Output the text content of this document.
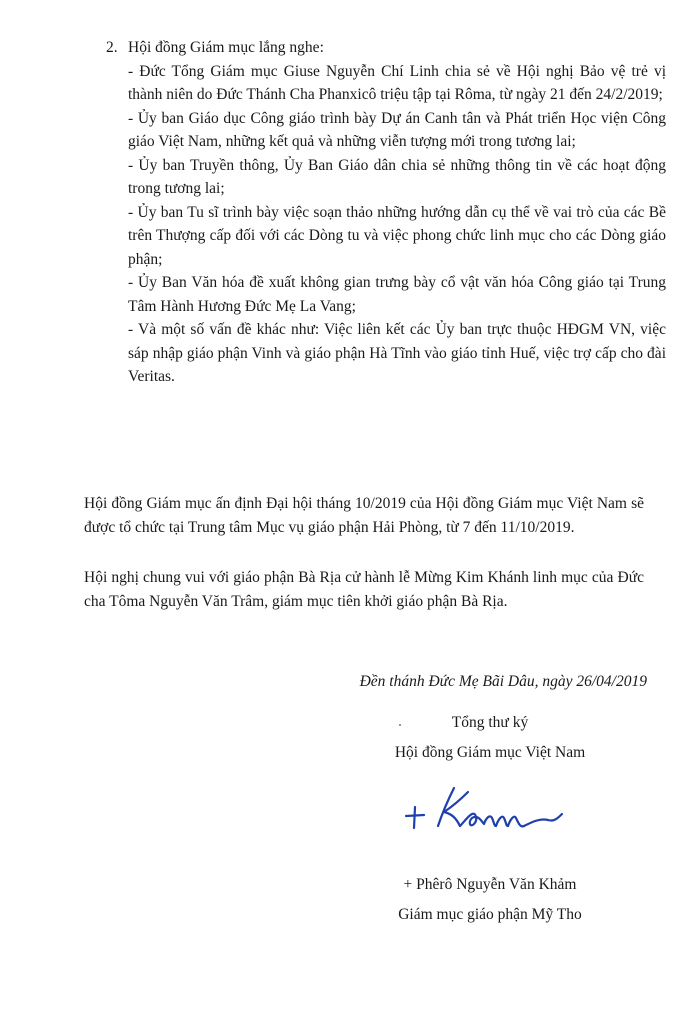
2. Hội đồng Giám mục lắng nghe:

- Đức Tổng Giám mục Giuse Nguyễn Chí Linh chia sẻ về Hội nghị Bảo vệ trẻ vị thành niên do Đức Thánh Cha Phanxicô triệu tập tại Rôma, từ ngày 21 đến 24/2/2019;

- Ủy ban Giáo dục Công giáo trình bày Dự án Canh tân và Phát triển Học viện Công giáo Việt Nam, những kết quả và những viễn tượng mới trong tương lai;

- Ủy ban Truyền thông, Ủy Ban Giáo dân chia sẻ những thông tin về các hoạt động trong tương lai;

- Ủy ban Tu sĩ trình bày việc soạn thảo những hướng dẫn cụ thể về vai trò của các Bề trên Thượng cấp đối với các Dòng tu và việc phong chức linh mục cho các Dòng giáo phận;

- Ủy Ban Văn hóa đề xuất không gian trưng bày cổ vật văn hóa Công giáo tại Trung Tâm Hành Hương Đức Mẹ La Vang;

- Và một số vấn đề khác như: Việc liên kết các Ủy ban trực thuộc HĐGM VN, việc sáp nhập giáo phận Vinh và giáo phận Hà Tĩnh vào giáo tỉnh Huế, việc trợ cấp cho đài Veritas.

Hội đồng Giám mục ấn định Đại hội tháng 10/2019 của Hội đồng Giám mục Việt Nam sẽ được tổ chức tại Trung tâm Mục vụ giáo phận Hải Phòng, từ 7 đến 11/10/2019.

Hội nghị chung vui với giáo phận Bà Rịa cử hành lễ Mừng Kim Khánh linh mục của Đức cha Tôma Nguyễn Văn Trâm, giám mục tiên khởi giáo phận Bà Rịa.

Đền thánh Đức Mẹ Bãi Dâu, ngày 26/04/2019

Tổng thư ký
Hội đồng Giám mục Việt Nam
+ Phêrô Nguyễn Văn Khảm
Giám mục giáo phận Mỹ Tho
